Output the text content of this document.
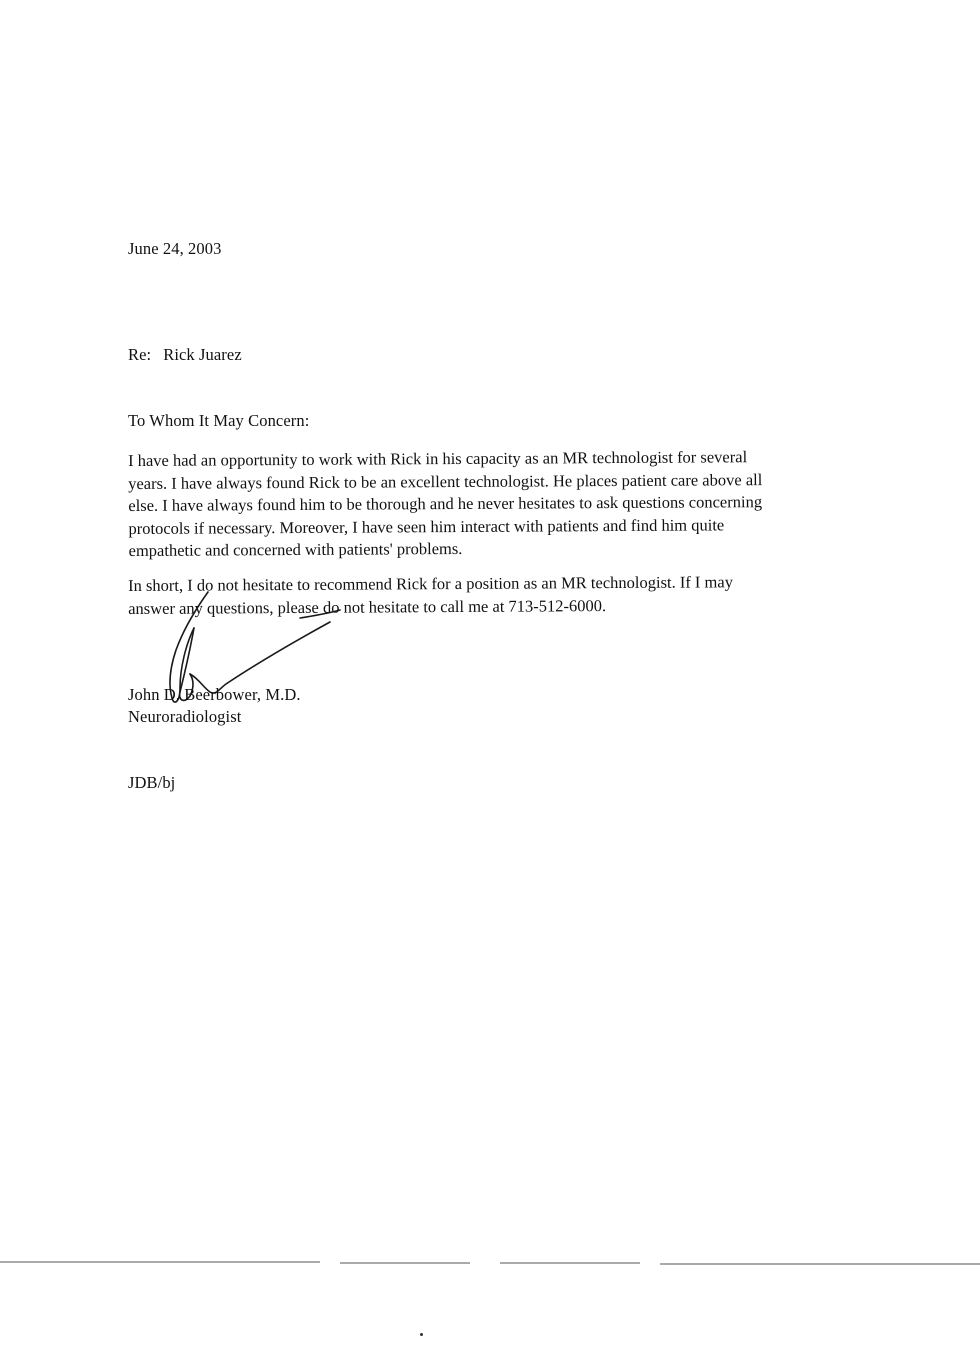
June 24, 2003
Re: Rick Juarez
To Whom It May Concern:
I have had an opportunity to work with Rick in his capacity as an MR technologist for several
years. I have always found Rick to be an excellent technologist. He places patient care above all
else. I have always found him to be thorough and he never hesitates to ask questions concerning
protocols if necessary. Moreover, I have seen him interact with patients and find him quite
empathetic and concerned with patients' problems.
In short, I do not hesitate to recommend Rick for a position as an MR technologist. If I may
answer any questions, please do not hesitate to call me at 713-512-6000.
John D. Beerbower, M.D.
Neuroradiologist
JDB/bj
